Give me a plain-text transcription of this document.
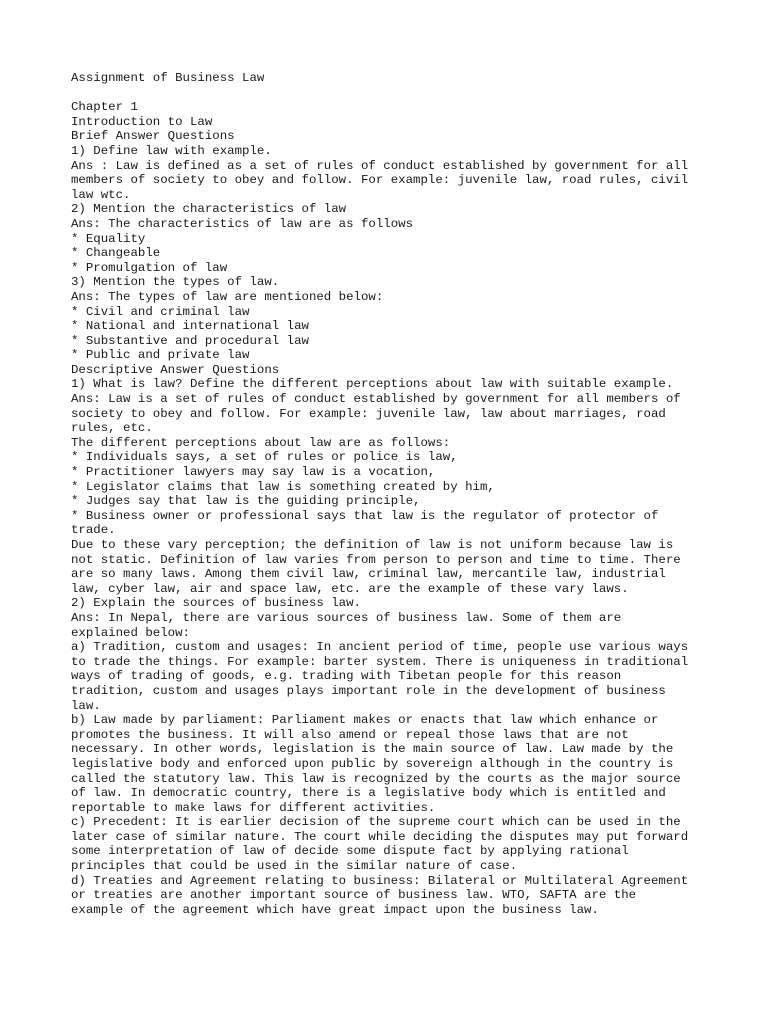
Assignment of Business Law
Chapter 1
Introduction to Law
Brief Answer Questions
1) Define law with example.
Ans : Law is defined as a set of rules of conduct established by government for all
members of society to obey and follow. For example: juvenile law, road rules, civil
law wtc.
2) Mention the characteristics of law
Ans: The characteristics of law are as follows
* Equality
* Changeable
* Promulgation of law
3) Mention the types of law.
Ans: The types of law are mentioned below:
* Civil and criminal law
* National and international law
* Substantive and procedural law
* Public and private law
Descriptive Answer Questions
1) What is law? Define the different perceptions about law with suitable example.
Ans: Law is a set of rules of conduct established by government for all members of
society to obey and follow. For example: juvenile law, law about marriages, road
rules, etc.
The different perceptions about law are as follows:
* Individuals says, a set of rules or police is law,
* Practitioner lawyers may say law is a vocation,
* Legislator claims that law is something created by him,
* Judges say that law is the guiding principle,
* Business owner or professional says that law is the regulator of protector of
trade.
Due to these vary perception; the definition of law is not uniform because law is
not static. Definition of law varies from person to person and time to time. There
are so many laws. Among them civil law, criminal law, mercantile law, industrial
law, cyber law, air and space law, etc. are the example of these vary laws.
2) Explain the sources of business law.
Ans: In Nepal, there are various sources of business law. Some of them are
explained below:
a) Tradition, custom and usages: In ancient period of time, people use various ways
to trade the things. For example: barter system. There is uniqueness in traditional
ways of trading of goods, e.g. trading with Tibetan people for this reason
tradition, custom and usages plays important role in the development of business
law.
b) Law made by parliament: Parliament makes or enacts that law which enhance or
promotes the business. It will also amend or repeal those laws that are not
necessary. In other words, legislation is the main source of law. Law made by the
legislative body and enforced upon public by sovereign although in the country is
called the statutory law. This law is recognized by the courts as the major source
of law. In democratic country, there is a legislative body which is entitled and
reportable to make laws for different activities.
c) Precedent: It is earlier decision of the supreme court which can be used in the
later case of similar nature. The court while deciding the disputes may put forward
some interpretation of law of decide some dispute fact by applying rational
principles that could be used in the similar nature of case.
d) Treaties and Agreement relating to business: Bilateral or Multilateral Agreement
or treaties are another important source of business law. WTO, SAFTA are the
example of the agreement which have great impact upon the business law.
